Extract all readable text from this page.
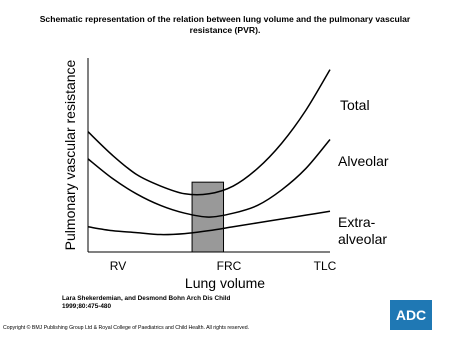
Schematic representation of the relation between lung volume and the pulmonary vascular
resistance (PVR).
Total
Alveolar
Extra-
alveolar
RV	FRC	TLC
Lung volume
Pulmonary vascular resistance
Lara Shekerdemian, and Desmond Bohn Arch Dis Child
1999;80:475-480
Copyright © BMJ Publishing Group Ltd & Royal College of Paediatrics and Child Health. All rights reserved.
ADC
